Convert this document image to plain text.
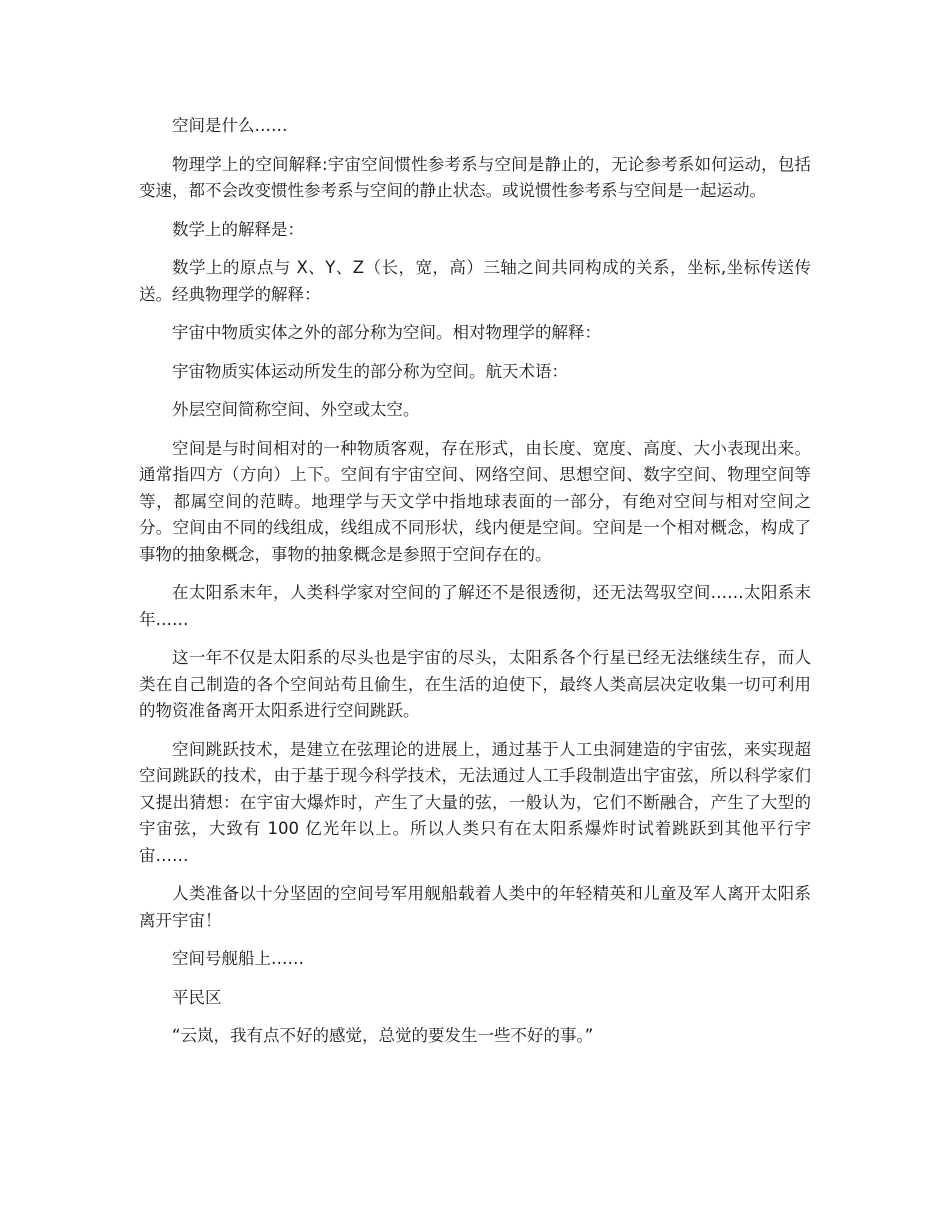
空间是什么……

物理学上的空间解释:宇宙空间惯性参考系与空间是静止的，无论参考系如何运动，包括变速，都不会改变惯性参考系与空间的静止状态。或说惯性参考系与空间是一起运动。

数学上的解释是：

数学上的原点与 X、Y、Z（长，宽，高）三轴之间共同构成的关系，坐标,坐标传送传送。经典物理学的解释：

宇宙中物质实体之外的部分称为空间。相对物理学的解释：

宇宙物质实体运动所发生的部分称为空间。航天术语：

外层空间简称空间、外空或太空。

空间是与时间相对的一种物质客观，存在形式，由长度、宽度、高度、大小表现出来。通常指四方（方向）上下。空间有宇宙空间、网络空间、思想空间、数字空间、物理空间等等，都属空间的范畴。地理学与天文学中指地球表面的一部分，有绝对空间与相对空间之分。空间由不同的线组成，线组成不同形状，线内便是空间。空间是一个相对概念，构成了事物的抽象概念，事物的抽象概念是参照于空间存在的。

在太阳系末年，人类科学家对空间的了解还不是很透彻，还无法驾驭空间……太阳系末年……

这一年不仅是太阳系的尽头也是宇宙的尽头，太阳系各个行星已经无法继续生存，而人类在自己制造的各个空间站苟且偷生，在生活的迫使下，最终人类高层决定收集一切可利用的物资准备离开太阳系进行空间跳跃。

空间跳跃技术，是建立在弦理论的进展上，通过基于人工虫洞建造的宇宙弦，来实现超空间跳跃的技术，由于基于现今科学技术，无法通过人工手段制造出宇宙弦，所以科学家们又提出猜想：在宇宙大爆炸时，产生了大量的弦，一般认为，它们不断融合，产生了大型的宇宙弦，大致有 100 亿光年以上。所以人类只有在太阳系爆炸时试着跳跃到其他平行宇宙……

人类准备以十分坚固的空间号军用舰船载着人类中的年轻精英和儿童及军人离开太阳系离开宇宙！

空间号舰船上……

平民区

“云岚，我有点不好的感觉，总觉的要发生一些不好的事。”
